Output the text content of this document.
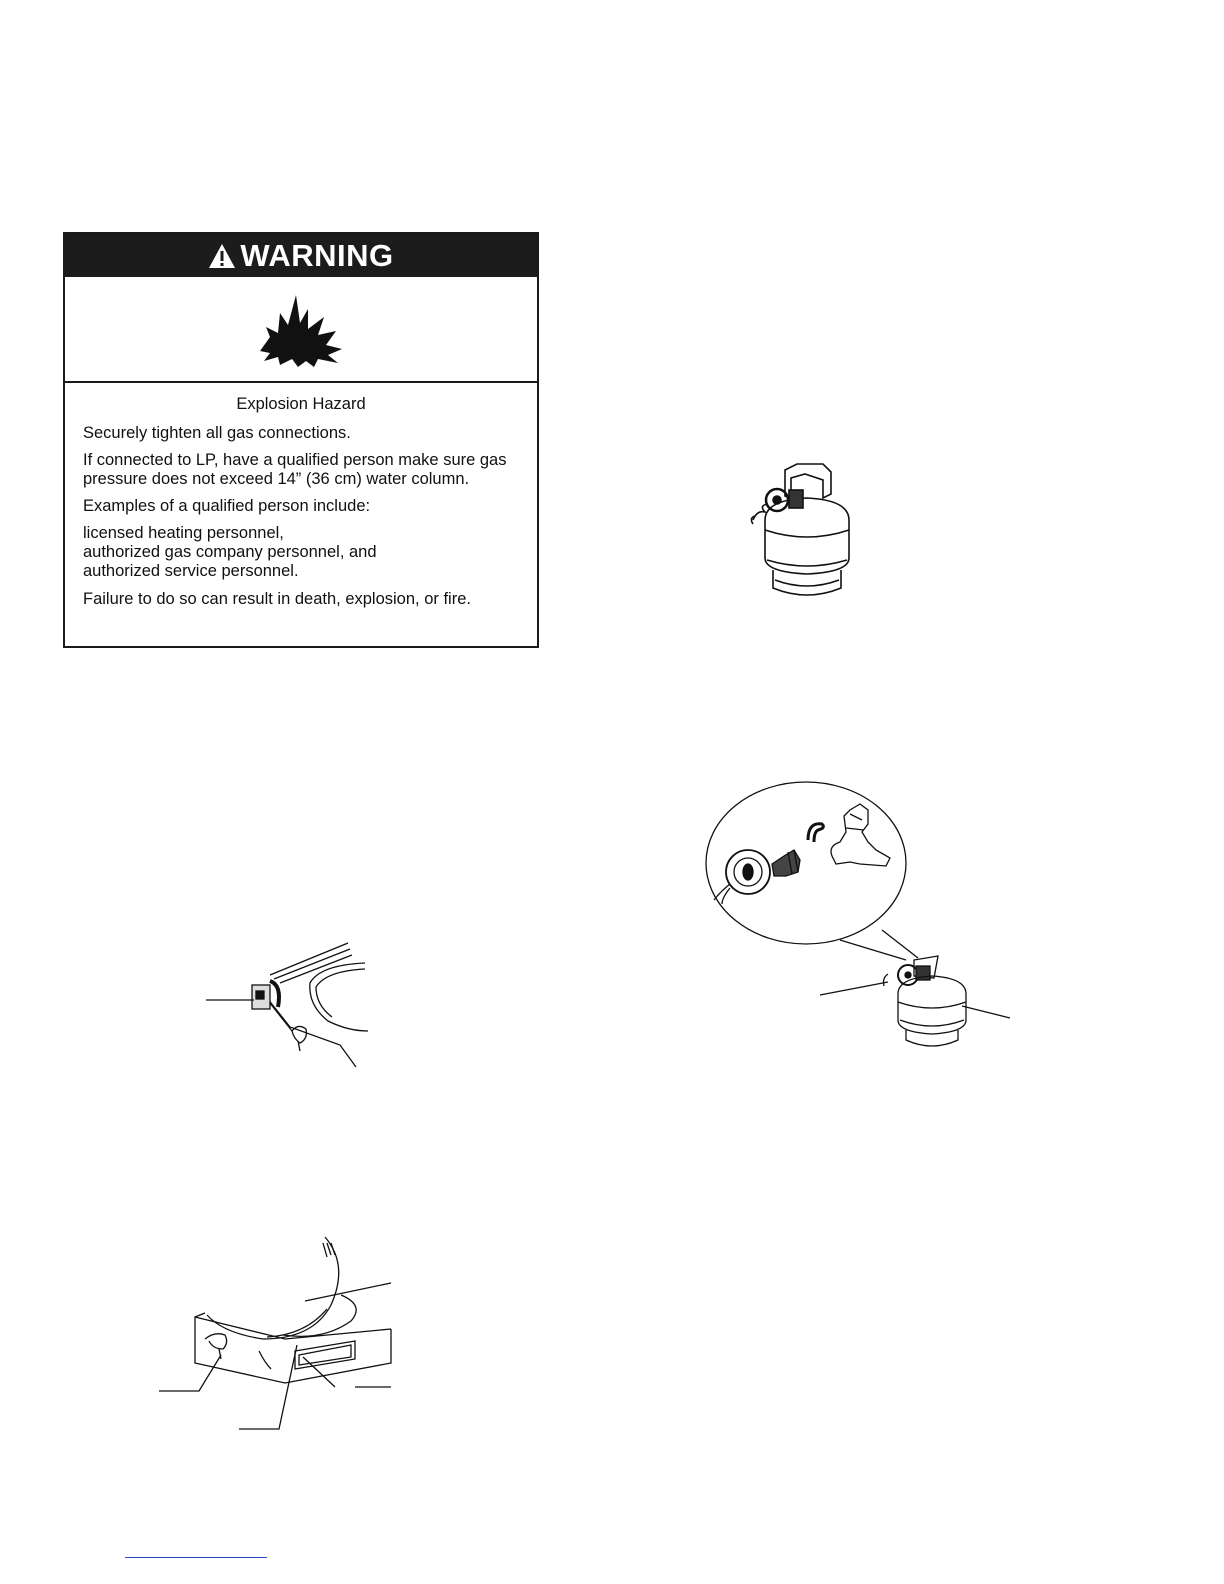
WARNING
Explosion Hazard

Securely tighten all gas connections.

If connected to LP, have a qualified person make sure gas pressure does not exceed 14” (36 cm) water column.

Examples of a qualified person include:

licensed heating personnel,
authorized gas company personnel, and
authorized service personnel.

Failure to do so can result in death, explosion, or fire.
